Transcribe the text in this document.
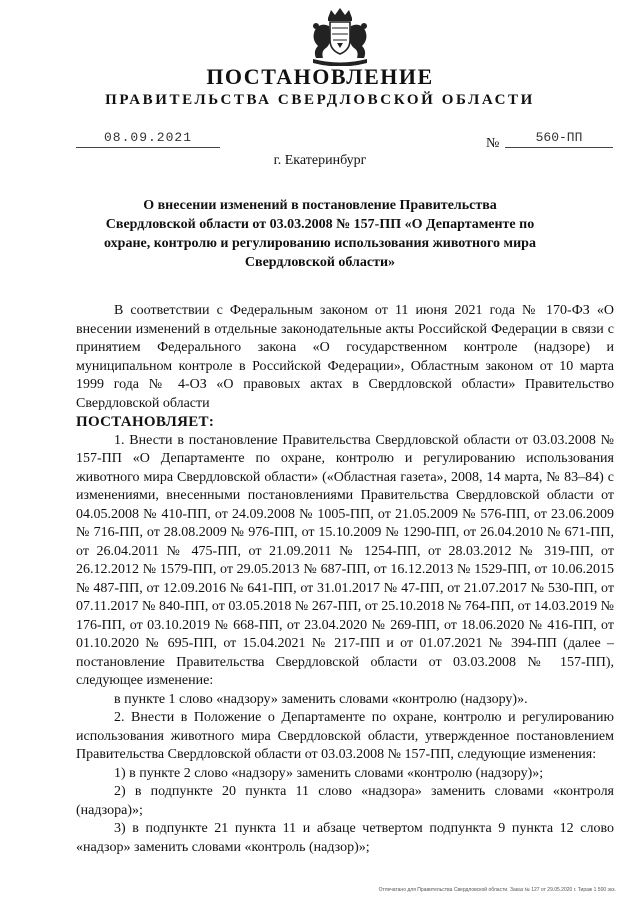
ПОСТАНОВЛЕНИЕ
ПРАВИТЕЛЬСТВА СВЕРДЛОВСКОЙ ОБЛАСТИ
08.09.2021	№	560-ПП
г. Екатеринбург
О внесении изменений в постановление Правительства Свердловской области от 03.03.2008 № 157-ПП «О Департаменте по охране, контролю и регулированию использования животного мира Свердловской области»

В соответствии с Федеральным законом от 11 июня 2021 года № 170-ФЗ «О внесении изменений в отдельные законодательные акты Российской Федерации в связи с принятием Федерального закона «О государственном контроле (надзоре) и муниципальном контроле в Российской Федерации», Областным законом от 10 марта 1999 года № 4-ОЗ «О правовых актах в Свердловской области» Правительство Свердловской области

ПОСТАНОВЛЯЕТ:

1. Внести в постановление Правительства Свердловской области от 03.03.2008 № 157-ПП «О Департаменте по охране, контролю и регулированию использования животного мира Свердловской области» («Областная газета», 2008, 14 марта, № 83–84) с изменениями, внесенными постановлениями Правительства Свердловской области от 04.05.2008 № 410-ПП, от 24.09.2008 № 1005-ПП, от 21.05.2009 № 576-ПП, от 23.06.2009 № 716-ПП, от 28.08.2009 № 976-ПП, от 15.10.2009 № 1290-ПП, от 26.04.2010 № 671-ПП, от 26.04.2011 № 475-ПП, от 21.09.2011 № 1254-ПП, от 28.03.2012 № 319-ПП, от 26.12.2012 № 1579-ПП, от 29.05.2013 № 687-ПП, от 16.12.2013 № 1529-ПП, от 10.06.2015 № 487-ПП, от 12.09.2016 № 641-ПП, от 31.01.2017 № 47-ПП, от 21.07.2017 № 530-ПП, от 07.11.2017 № 840-ПП, от 03.05.2018 № 267-ПП, от 25.10.2018 № 764-ПП, от 14.03.2019 № 176-ПП, от 03.10.2019 № 668-ПП, от 23.04.2020 № 269-ПП, от 18.06.2020 № 416-ПП, от 01.10.2020 № 695-ПП, от 15.04.2021 № 217-ПП и от 01.07.2021 № 394-ПП (далее – постановление Правительства Свердловской области от 03.03.2008 № 157-ПП), следующее изменение:

в пункте 1 слово «надзору» заменить словами «контролю (надзору)».

2. Внести в Положение о Департаменте по охране, контролю и регулированию использования животного мира Свердловской области, утвержденное постановлением Правительства Свердловской области от 03.03.2008 № 157-ПП, следующие изменения:

1) в пункте 2 слово «надзору» заменить словами «контролю (надзору)»;

2) в подпункте 20 пункта 11 слово «надзора» заменить словами «контроля (надзора)»;

3) в подпункте 21 пункта 11 и абзаце четвертом подпункта 9 пункта 12 слово «надзор» заменить словами «контроль (надзор)»;

Отпечатано для Правительства Свердловской области. Заказ № 127 от 29.05.2020 г. Тираж 1 500 экз.
